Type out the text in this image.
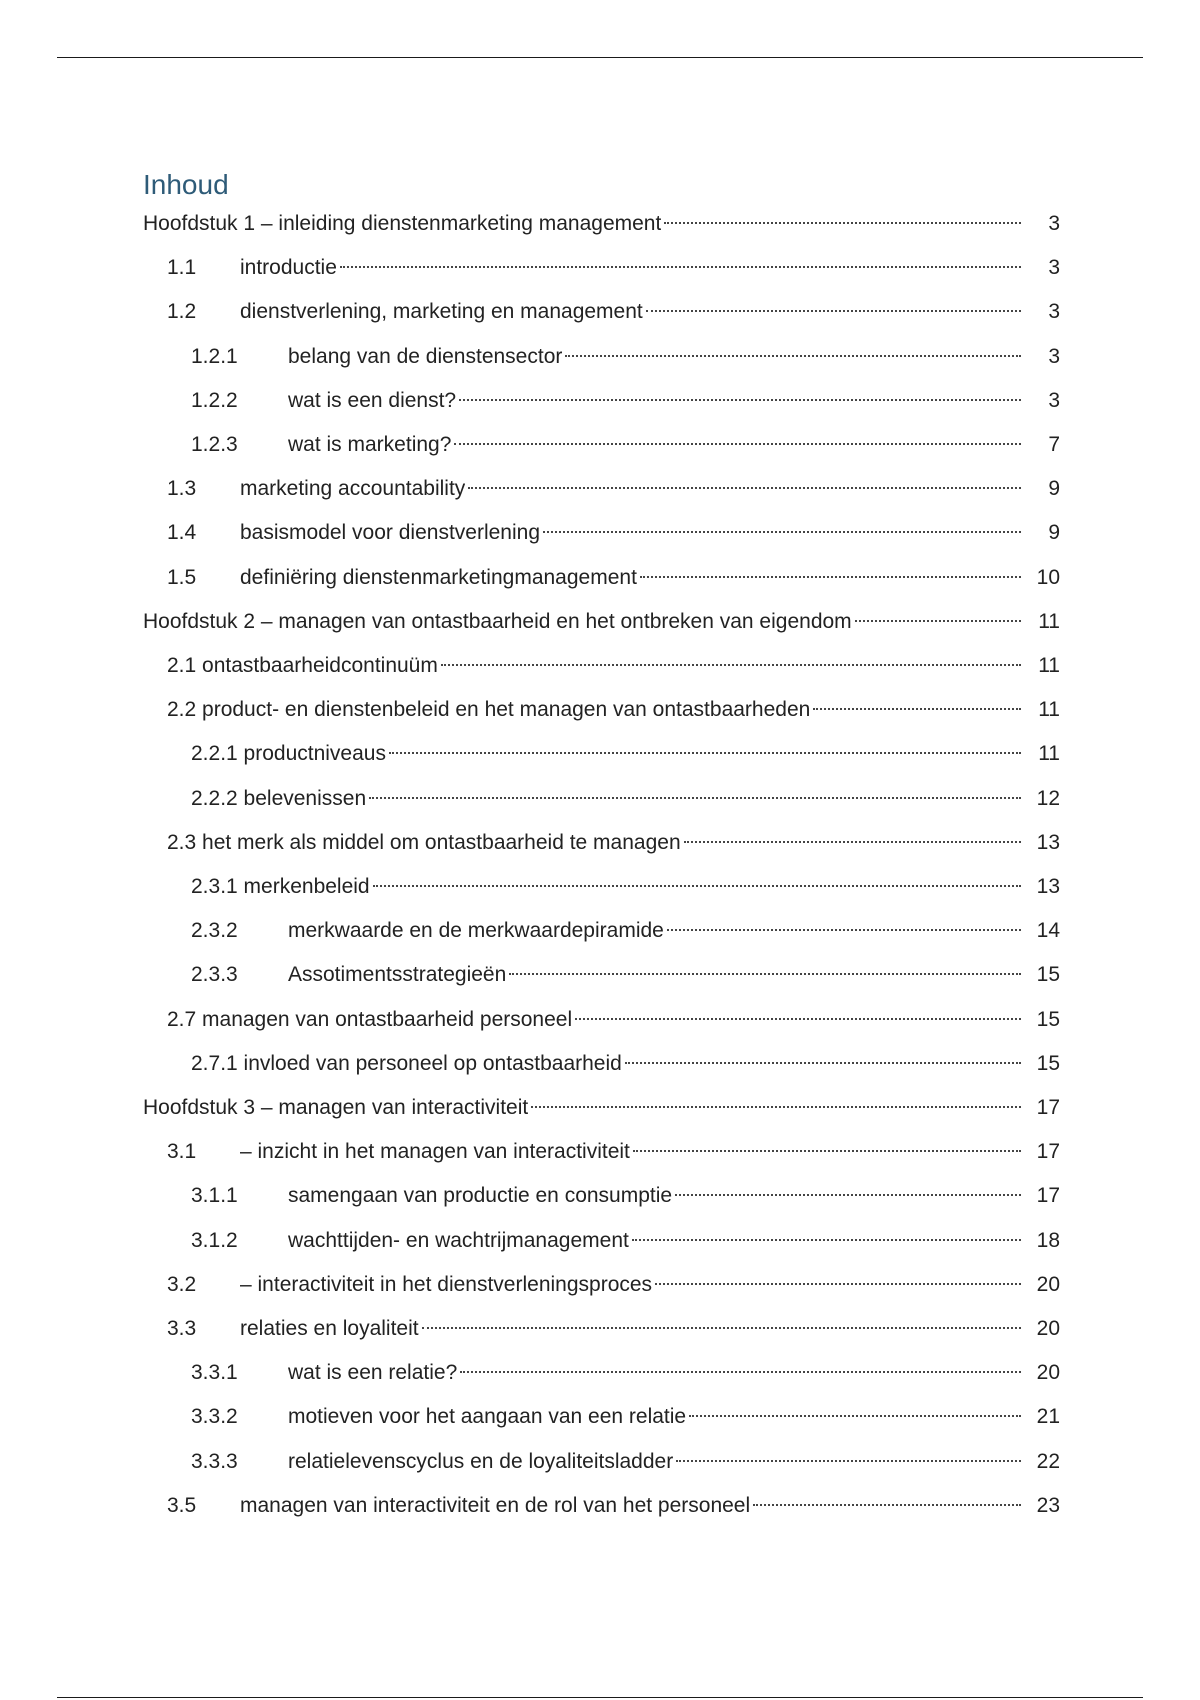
Inhoud
Hoofdstuk 1 – inleiding dienstenmarketing management	3
1.1	introductie	3
1.2	dienstverlening, marketing en management	3
1.2.1	belang van de dienstensector	3
1.2.2	wat is een dienst?	3
1.2.3	wat is marketing?	7
1.3	marketing accountability	9
1.4	basismodel voor dienstverlening	9
1.5	definiëring dienstenmarketingmanagement	10
Hoofdstuk 2 – managen van ontastbaarheid en het ontbreken van eigendom	11
2.1 ontastbaarheidcontinuüm	11
2.2 product- en dienstenbeleid en het managen van ontastbaarheden	11
2.2.1 productniveaus	11
2.2.2 belevenissen	12
2.3 het merk als middel om ontastbaarheid te managen	13
2.3.1 merkenbeleid	13
2.3.2	merkwaarde en de merkwaardepiramide	14
2.3.3	Assotimentsstrategieën	15
2.7 managen van ontastbaarheid personeel	15
2.7.1 invloed van personeel op ontastbaarheid	15
Hoofdstuk 3 – managen van interactiviteit	17
3.1	– inzicht in het managen van interactiviteit	17
3.1.1	samengaan van productie en consumptie	17
3.1.2	wachttijden- en wachtrijmanagement	18
3.2	– interactiviteit in het dienstverleningsproces	20
3.3	relaties en loyaliteit	20
3.3.1	wat is een relatie?	20
3.3.2	motieven voor het aangaan van een relatie	21
3.3.3	relatielevenscyclus en de loyaliteitsladder	22
3.5	managen van interactiviteit en de rol van het personeel	23
